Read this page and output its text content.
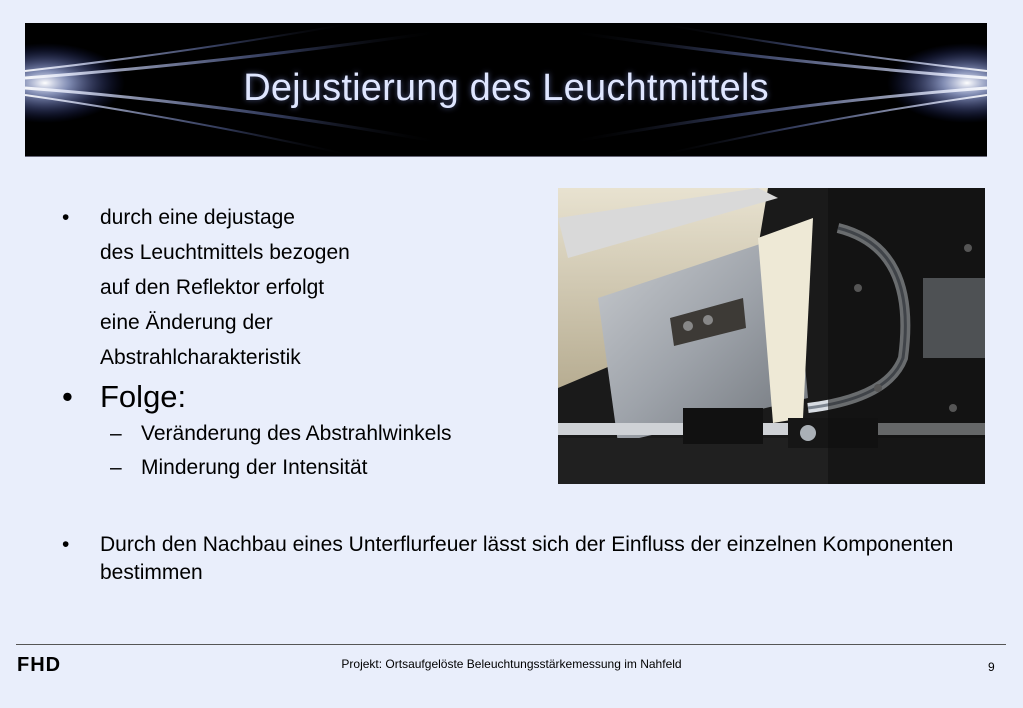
Dejustierung des Leuchtmittels
• durch eine dejustage
des Leuchtmittels bezogen
auf den Reflektor erfolgt
eine Änderung der
Abstrahlcharakteristik
• Folge:
– Veränderung des Abstrahlwinkels
– Minderung der Intensität
• Durch den Nachbau eines Unterflurfeuer lässt sich der Einfluss der einzelnen Komponenten bestimmen
FHD	Projekt: Ortsaufgelöste Beleuchtungsstärkemessung im Nahfeld	9
